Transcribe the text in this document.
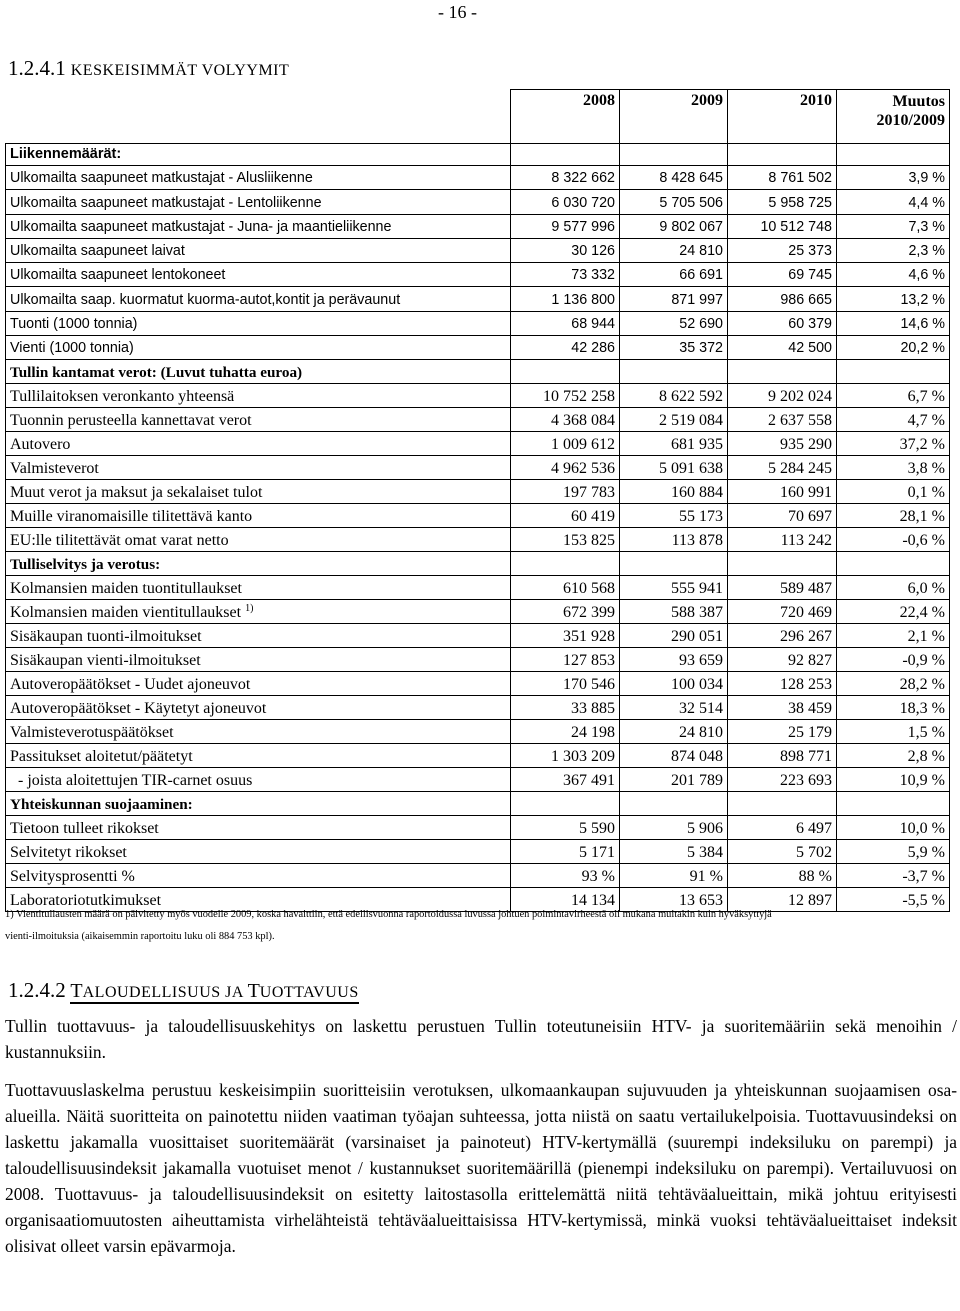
- 16 -
1.2.4.1 KESKEISIMMÄT VOLYYMIT
	2008	2009	2010	Muutos
2010/2009

Liikennemäärät:				
Ulkomailta saapuneet matkustajat - Alusliikenne	8 322 662	8 428 645	8 761 502	3,9 %
Ulkomailta saapuneet matkustajat - Lentoliikenne	6 030 720	5 705 506	5 958 725	4,4 %
Ulkomailta saapuneet matkustajat - Juna- ja maantieliikenne	9 577 996	9 802 067	10 512 748	7,3 %
Ulkomailta saapuneet laivat	30 126	24 810	25 373	2,3 %
Ulkomailta saapuneet lentokoneet	73 332	66 691	69 745	4,6 %
Ulkomailta saap. kuormatut kuorma-autot,kontit ja perävaunut	1 136 800	871 997	986 665	13,2 %
Tuonti (1000 tonnia)	68 944	52 690	60 379	14,6 %
Vienti (1000 tonnia)	42 286	35 372	42 500	20,2 %
Tullin kantamat verot: (Luvut tuhatta euroa)				
Tullilaitoksen veronkanto yhteensä	10 752 258	8 622 592	9 202 024	6,7 %
Tuonnin perusteella kannettavat verot	4 368 084	2 519 084	2 637 558	4,7 %
Autovero	1 009 612	681 935	935 290	37,2 %
Valmisteverot	4 962 536	5 091 638	5 284 245	3,8 %
Muut verot ja maksut ja sekalaiset tulot	197 783	160 884	160 991	0,1 %
Muille viranomaisille tilitettävä kanto	60 419	55 173	70 697	28,1 %
EU:lle tilitettävät omat varat netto	153 825	113 878	113 242	-0,6 %
Tulliselvitys ja verotus:				
Kolmansien maiden tuontitullaukset	610 568	555 941	589 487	6,0 %
Kolmansien maiden vientitullaukset $^{1)}$	672 399	588 387	720 469	22,4 %
Sisäkaupan tuonti-ilmoitukset	351 928	290 051	296 267	2,1 %
Sisäkaupan vienti-ilmoitukset	127 853	93 659	92 827	-0,9 %
Autoveropäätökset - Uudet ajoneuvot	170 546	100 034	128 253	28,2 %
Autoveropäätökset - Käytetyt ajoneuvot	33 885	32 514	38 459	18,3 %
Valmisteverotuspäätökset	24 198	24 810	25 179	1,5 %
Passitukset aloitetut/päätetyt	1 303 209	874 048	898 771	2,8 %
- joista aloitettujen TIR-carnet osuus	367 491	201 789	223 693	10,9 %
Yhteiskunnan suojaaminen:				
Tietoon tulleet rikokset	5 590	5 906	6 497	10,0 %
Selvitetyt rikokset	5 171	5 384	5 702	5,9 %
Selvitysprosentti %	93 %	91 %	88 %	-3,7 %
Laboratoriotutkimukset	14 134	13 653	12 897	-5,5 %
1) Vientitullausten määrä on päivitetty myös vuodelle 2009, koska havaittiin, että edellisvuonna raportoidussa luvussa johtuen poimintavirheestä oli mukana muitakin kuin hyväksyttyjä
vienti-ilmoituksia (aikaisemmin raportoitu luku oli 884 753 kpl).
1.2.4.2 TALOUDELLISUUS JA TUOTTAVUUS
Tullin tuottavuus- ja taloudellisuuskehitys on laskettu perustuen Tullin toteutuneisiin HTV- ja suoritemääriin sekä menoihin / kustannuksiin.
Tuottavuuslaskelma perustuu keskeisimpiin suoritteisiin verotuksen, ulkomaankaupan sujuvuuden ja yhteiskunnan suojaamisen osa-alueilla. Näitä suoritteita on painotettu niiden vaatiman työajan suhteessa, jotta niistä on saatu vertailukelpoisia. Tuottavuusindeksi on laskettu jakamalla vuosittaiset suoritemäärät (varsinaiset ja painoteut) HTV-kertymällä (suurempi indeksiluku on parempi) ja taloudellisuusindeksit jakamalla vuotuiset menot / kustannukset suoritemäärillä (pienempi indeksiluku on parempi). Vertailuvuosi on 2008. Tuottavuus- ja taloudellisuusindeksit on esitetty laitostasolla erittelemättä niitä tehtäväalueittain, mikä johtuu erityisesti organisaatiomuutosten aiheuttamista virhelähteistä tehtäväalueittaisissa HTV-kertymissä, minkä vuoksi tehtäväalueittaiset indeksit olisivat olleet varsin epävarmoja.
